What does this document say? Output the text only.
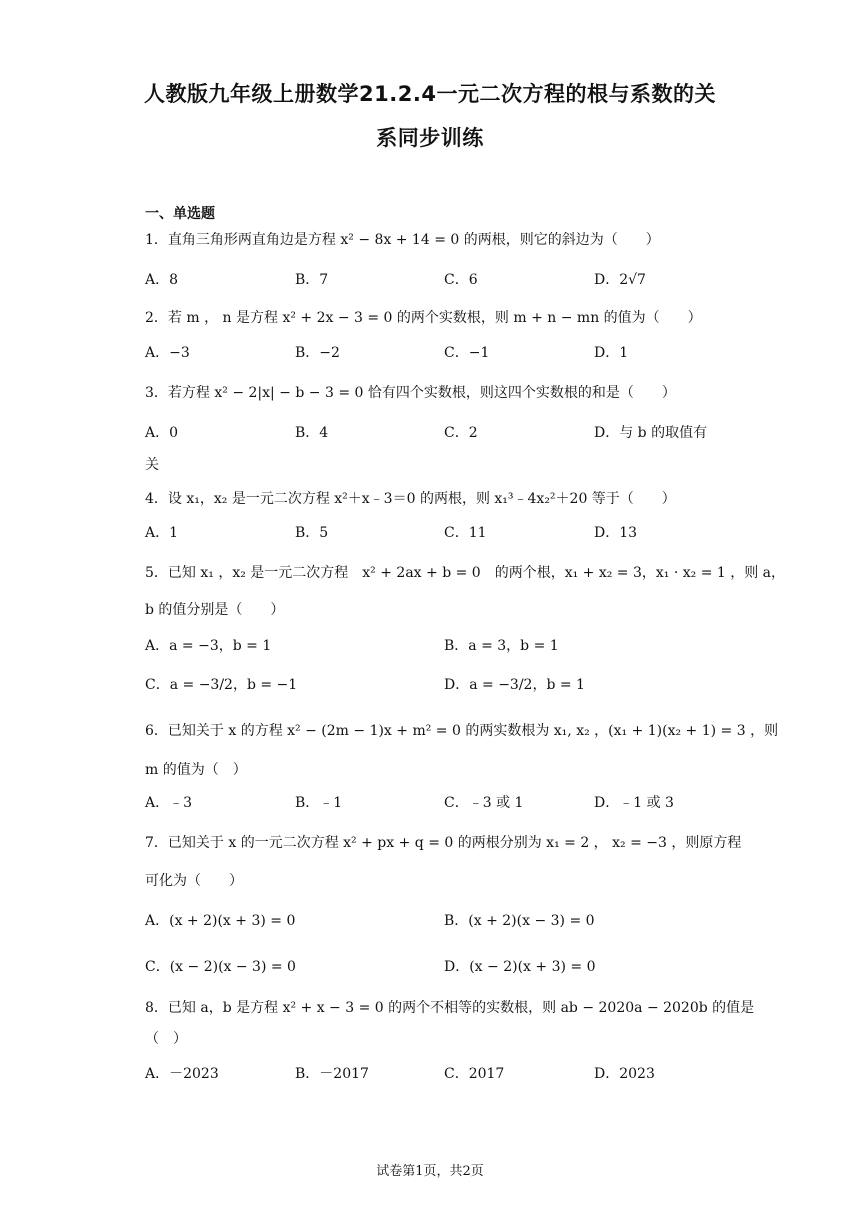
人教版九年级上册数学21.2.4一元二次方程的根与系数的关
系同步训练
一、单选题
1．直角三角形两直角边是方程 x² − 8x + 14 = 0 的两根，则它的斜边为（　　）
A．8	B．7	C．6	D．2√7
2．若 m ， n 是方程 x² + 2x − 3 = 0 的两个实数根，则 m + n − mn 的值为（　　）
A．−3	B．−2	C．−1	D．1
3．若方程 x² − 2|x| − b − 3 = 0 恰有四个实数根，则这四个实数根的和是（　　）
A．0	B．4	C．2	D．与 b 的取值有
关
4．设 x₁，x₂ 是一元二次方程 x²＋x﹣3＝0 的两根，则 x₁³﹣4x₂²＋20 等于（　　）
A．1	B．5	C．11	D．13
5．已知 x₁ ，x₂ 是一元二次方程　x² + 2ax + b = 0　的两个根，x₁ + x₂ = 3，x₁ · x₂ = 1 ，则 a，
b 的值分别是（　　）
A．a = −3，b = 1	B．a = 3，b = 1
C．a = −3/2，b = −1	D．a = −3/2，b = 1
6．已知关于 x 的方程 x² − (2m − 1)x + m² = 0 的两实数根为 x₁, x₂ ，(x₁ + 1)(x₂ + 1) = 3 ，则
m 的值为（　）
A．﹣3	B．﹣1	C．﹣3 或 1	D．﹣1 或 3
7．已知关于 x 的一元二次方程 x² + px + q = 0 的两根分别为 x₁ = 2 ， x₂ = −3 ，则原方程
可化为（　　）
A．(x + 2)(x + 3) = 0	B．(x + 2)(x − 3) = 0
C．(x − 2)(x − 3) = 0	D．(x − 2)(x + 3) = 0
8．已知 a，b 是方程 x² + x − 3 = 0 的两个不相等的实数根，则 ab − 2020a − 2020b 的值是
（　）
A．－2023	B．－2017	C．2017	D．2023
试卷第1页，共2页
